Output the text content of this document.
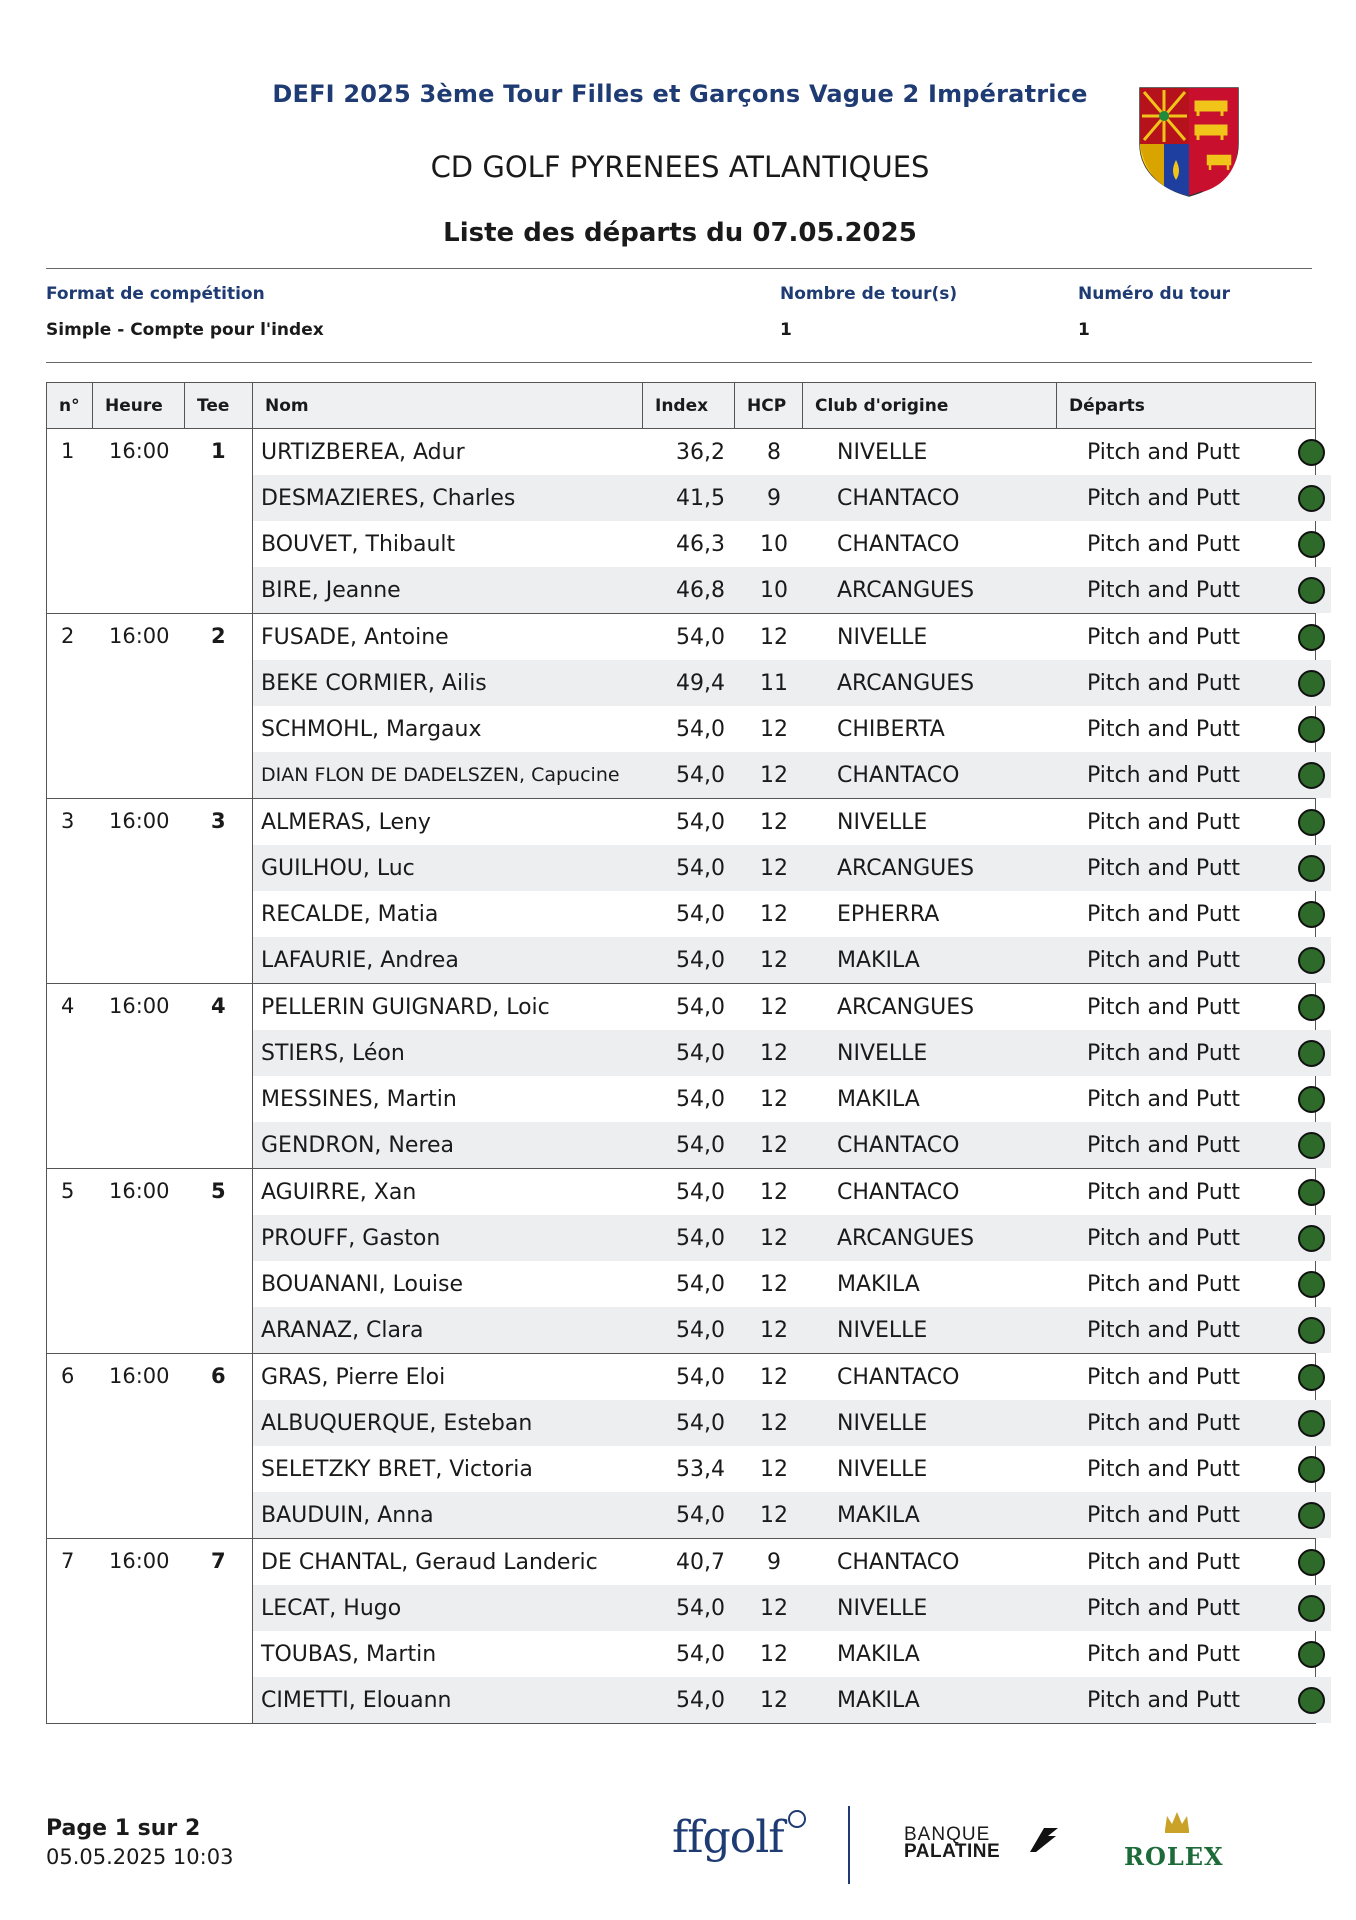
DEFI 2025 3ème Tour Filles et Garçons Vague 2 Impératrice
CD GOLF PYRENEES ATLANTIQUES
Liste des départs du 07.05.2025
Format de compétition
Simple - Compte pour l'index
Nombre de tour(s)
1
Numéro du tour
1
n°	Heure	Tee	Nom	Index	HCP	Club d'origine	Départs
1 16:00 1	URTIZBEREA, Adur	36,2	8	NIVELLE	Pitch and Putt
DESMAZIERES, Charles	41,5	9	CHANTACO	Pitch and Putt
BOUVET, Thibault	46,3	10	CHANTACO	Pitch and Putt
BIRE, Jeanne	46,8	10	ARCANGUES	Pitch and Putt
2 16:00 2	FUSADE, Antoine	54,0	12	NIVELLE	Pitch and Putt
BEKE CORMIER, Ailis	49,4	11	ARCANGUES	Pitch and Putt
SCHMOHL, Margaux	54,0	12	CHIBERTA	Pitch and Putt
DIAN FLON DE DADELSZEN, Capucine	54,0	12	CHANTACO	Pitch and Putt
3 16:00 3	ALMERAS, Leny	54,0	12	NIVELLE	Pitch and Putt
GUILHOU, Luc	54,0	12	ARCANGUES	Pitch and Putt
RECALDE, Matia	54,0	12	EPHERRA	Pitch and Putt
LAFAURIE, Andrea	54,0	12	MAKILA	Pitch and Putt
4 16:00 4	PELLERIN GUIGNARD, Loic	54,0	12	ARCANGUES	Pitch and Putt
STIERS, Léon	54,0	12	NIVELLE	Pitch and Putt
MESSINES, Martin	54,0	12	MAKILA	Pitch and Putt
GENDRON, Nerea	54,0	12	CHANTACO	Pitch and Putt
5 16:00 5	AGUIRRE, Xan	54,0	12	CHANTACO	Pitch and Putt
PROUFF, Gaston	54,0	12	ARCANGUES	Pitch and Putt
BOUANANI, Louise	54,0	12	MAKILA	Pitch and Putt
ARANAZ, Clara	54,0	12	NIVELLE	Pitch and Putt
6 16:00 6	GRAS, Pierre Eloi	54,0	12	CHANTACO	Pitch and Putt
ALBUQUERQUE, Esteban	54,0	12	NIVELLE	Pitch and Putt
SELETZKY BRET, Victoria	53,4	12	NIVELLE	Pitch and Putt
BAUDUIN, Anna	54,0	12	MAKILA	Pitch and Putt
7 16:00 7	DE CHANTAL, Geraud Landeric	40,7	9	CHANTACO	Pitch and Putt
LECAT, Hugo	54,0	12	NIVELLE	Pitch and Putt
TOUBAS, Martin	54,0	12	MAKILA	Pitch and Putt
CIMETTI, Elouann	54,0	12	MAKILA	Pitch and Putt
Page 1 sur 2
05.05.2025 10:03	ffgolf	BANQUE
PALATINE	ROLEX
